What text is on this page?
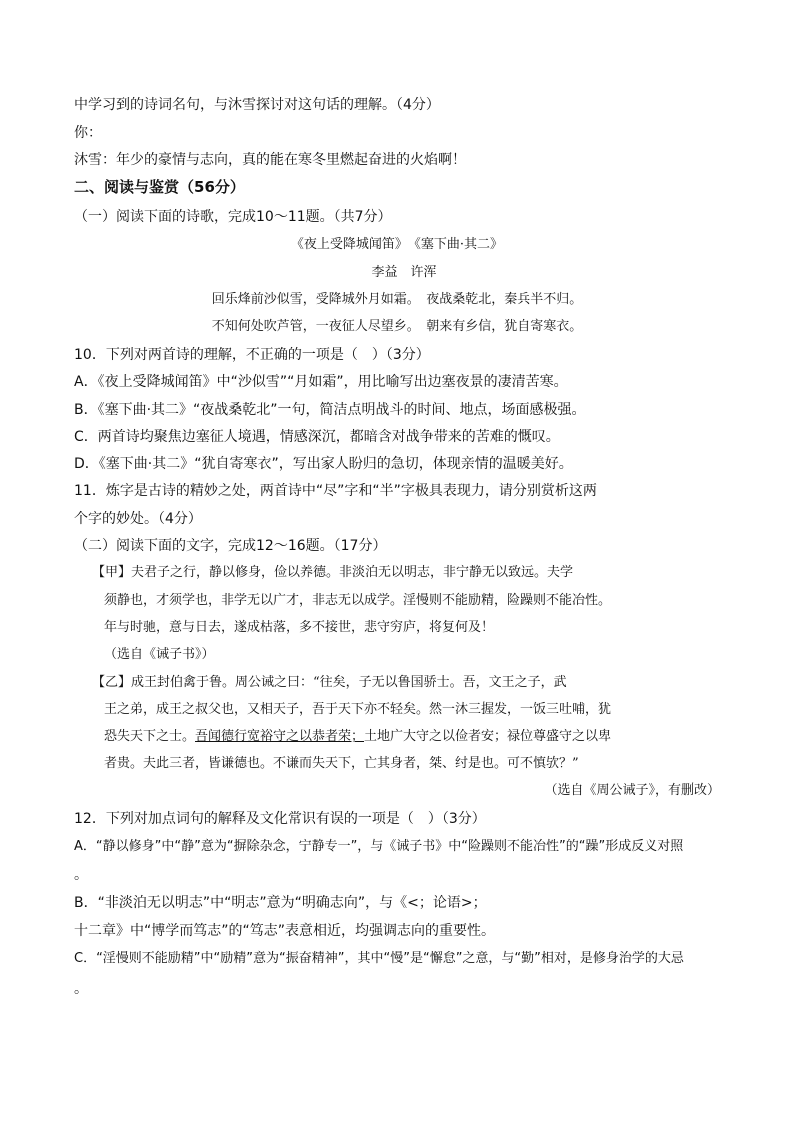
中学习到的诗词名句，与沐雪探讨对这句话的理解。（4分）
你：
沐雪：年少的豪情与志向，真的能在寒冬里燃起奋进的火焰啊！
二、阅读与鉴赏（56分）
（一）阅读下面的诗歌，完成10～11题。（共7分）
《夜上受降城闻笛》　《塞下曲·其二》
李益　许浑
回乐烽前沙似雪，受降城外月如霜。　夜战桑乾北，秦兵半不归。
不知何处吹芦管，一夜征人尽望乡。　朝来有乡信，犹自寄寒衣。
10．下列对两首诗的理解，不正确的一项是（　）（3分）
A．《夜上受降城闻笛》中“沙似雪”“月如霜”，用比喻写出边塞夜景的凄清苦寒。
B．《塞下曲·其二》“夜战桑乾北”一句，简洁点明战斗的时间、地点，场面感极强。
C．两首诗均聚焦边塞征人境遇，情感深沉，都暗含对战争带来的苦难的慨叹。
D．《塞下曲·其二》“犹自寄寒衣”，写出家人盼归的急切，体现亲情的温暖美好。
11．炼字是古诗的精妙之处，两首诗中“尽”字和“半”字极具表现力，请分别赏析这两
个字的妙处。（4分）
（二）阅读下面的文字，完成12～16题。（17分）
【甲】夫君子之行，静以修身，俭以养德。非淡泊无以明志，非宁静无以致远。夫学
须静也，才须学也，非学无以广才，非志无以成学。淫慢则不能励精，险躁则不能冶性。
年与时驰，意与日去，遂成枯落，多不接世，悲守穷庐，将复何及！
（选自《诫子书》）
【乙】成王封伯禽于鲁。周公诫之曰：“往矣，子无以鲁国骄士。吾，文王之子，武
王之弟，成王之叔父也，又相天子，吾于天下亦不轻矣。然一沐三握发，一饭三吐哺，犹
恐失天下之士。吾闻德行宽裕守之以恭者荣；土地广大守之以俭者安；禄位尊盛守之以卑
者贵。夫此三者，皆谦德也。不谦而失天下，亡其身者，桀、纣是也。可不慎欤？”
（选自《周公诫子》，有删改）
12．下列对加点词句的解释及文化常识有误的一项是（　）（3分）
A．“静以修身”中“静”意为“摒除杂念，宁静专一”，与《诫子书》中“险躁则不能冶性”的“躁”形成反义对照
。
B．“非淡泊无以明志”中“明志”意为“明确志向”，与《<；论语>；
十二章》中“博学而笃志”的“笃志”表意相近，均强调志向的重要性。
C．“淫慢则不能励精”中“励精”意为“振奋精神”，其中“慢”是“懈怠”之意，与“勤”相对，是修身治学的大忌
。
